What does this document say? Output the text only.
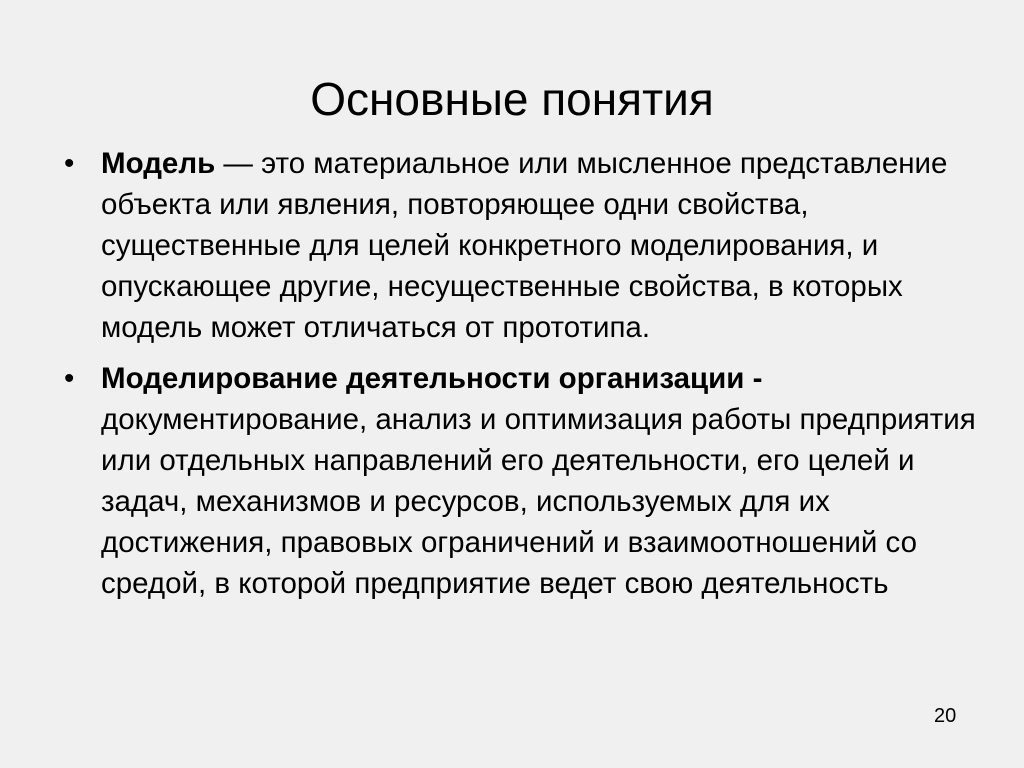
Основные понятия
• Модель — это материальное или мысленное представление объекта или явления, повторяющее одни свойства, существенные для целей конкретного моделирования, и опускающее другие, несущественные свойства, в которых модель может отличаться от прототипа.
• Моделирование деятельности организации - документирование, анализ и оптимизация работы предприятия или отдельных направлений его деятельности, его целей и задач, механизмов и ресурсов, используемых для их достижения, правовых ограничений и взаимоотношений со средой, в которой предприятие ведет свою деятельность
20
